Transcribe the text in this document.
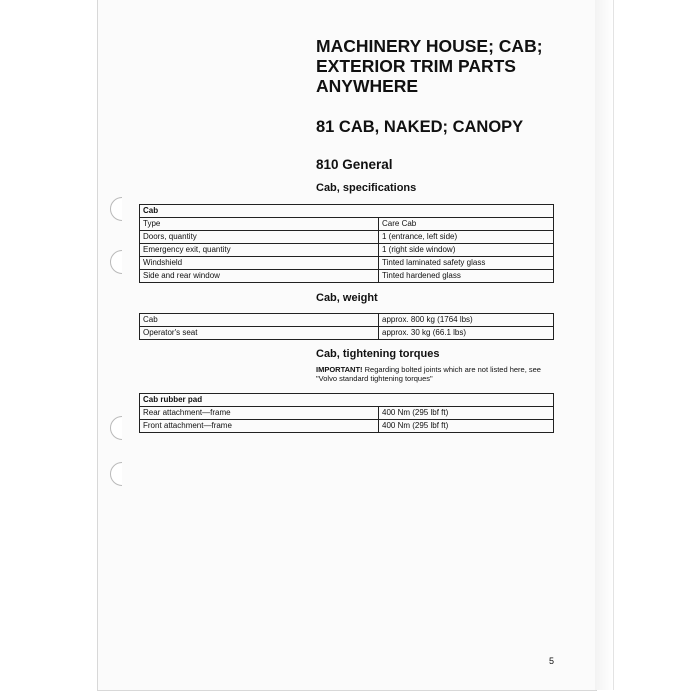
MACHINERY HOUSE; CAB;
EXTERIOR TRIM PARTS
ANYWHERE
81 CAB, NAKED; CANOPY
810 General
Cab, specifications
Cab	
Type	Care Cab
Doors, quantity	1 (entrance, left side)
Emergency exit, quantity	1 (right side window)
Windshield	Tinted laminated safety glass
Side and rear window	Tinted hardened glass
Cab, weight
Cab	approx. 800 kg (1764 lbs)
Operator's seat	approx. 30 kg (66.1 lbs)
Cab, tightening torques

IMPORTANT! Regarding bolted joints which are not listed here, see "Volvo standard tightening torques"

Cab rubber pad	
Rear attachment—frame	400 Nm (295 lbf ft)
Front attachment—frame	400 Nm (295 lbf ft)

5
